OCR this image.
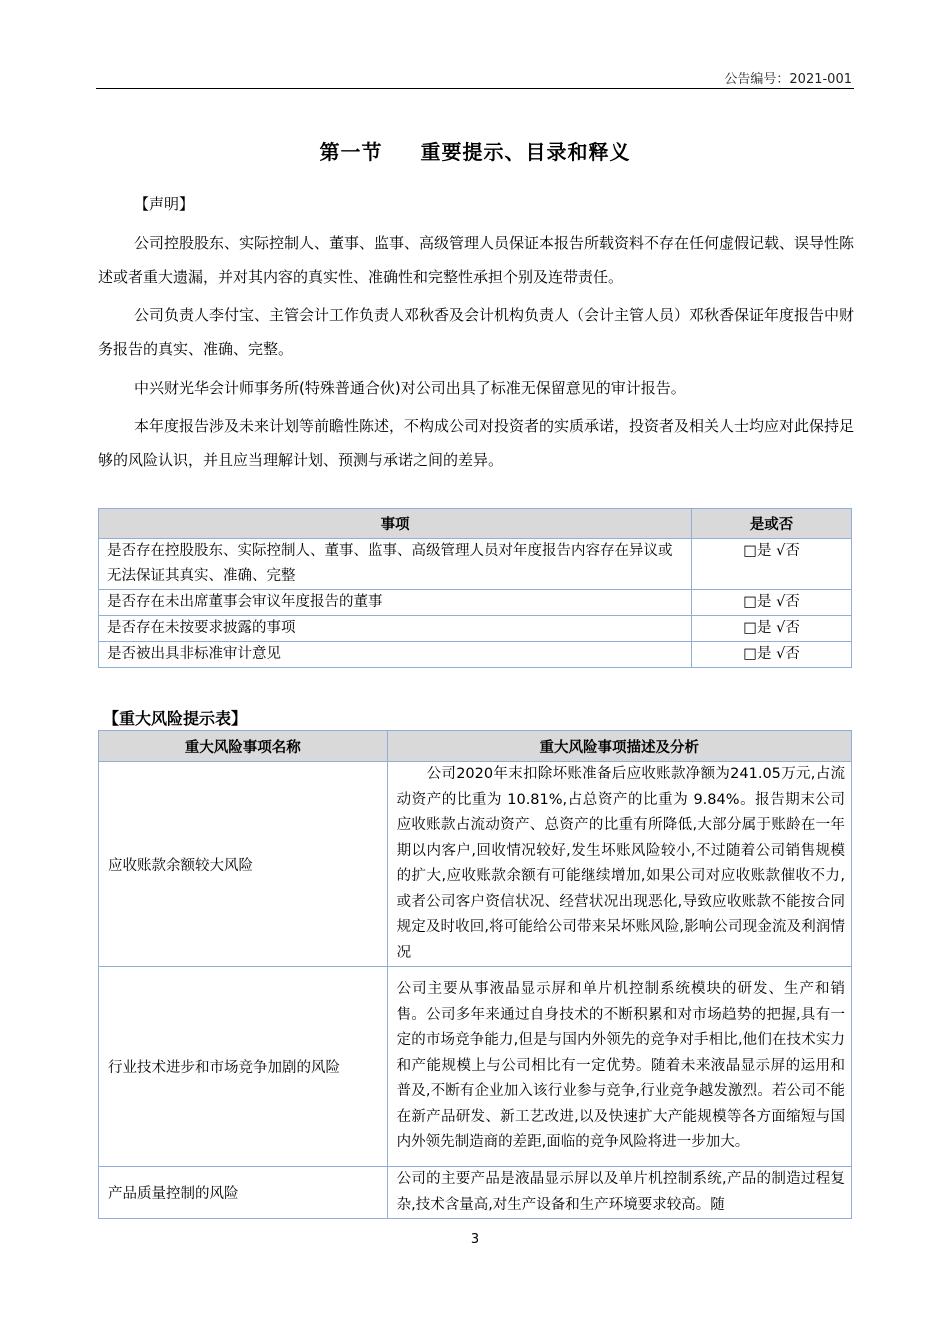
公告编号：2021-001
第一节 重要提示、目录和释义

【声明】

公司控股股东、实际控制人、董事、监事、高级管理人员保证本报告所载资料不存在任何虚假记载、误导性陈述或者重大遗漏，并对其内容的真实性、准确性和完整性承担个别及连带责任。

公司负责人李付宝、主管会计工作负责人邓秋香及会计机构负责人（会计主管人员）邓秋香保证年度报告中财务报告的真实、准确、完整。

中兴财光华会计师事务所(特殊普通合伙)对公司出具了标准无保留意见的审计报告。

本年度报告涉及未来计划等前瞻性陈述，不构成公司对投资者的实质承诺，投资者及相关人士均应对此保持足够的风险认识，并且应当理解计划、预测与承诺之间的差异。

事项	是或否
是否存在控股股东、实际控制人、董事、监事、高级管理人员对年度报告内容存在异议或无法保证其真实、准确、完整	□是 √否
是否存在未出席董事会审议年度报告的董事	□是 √否
是否存在未按要求披露的事项	□是 √否
是否被出具非标准审计意见	□是 √否
【重大风险提示表】
重大风险事项名称	重大风险事项描述及分析
应收账款余额较大风险	公司2020年末扣除坏账准备后应收账款净额为241.05万元,占流动资产的比重为 10.81%,占总资产的比重为 9.84%。报告期末公司应收账款占流动资产、总资产的比重有所降低,大部分属于账龄在一年期以内客户,回收情况较好,发生坏账风险较小,不过随着公司销售规模的扩大,应收账款余额有可能继续增加,如果公司对应收账款催收不力,或者公司客户资信状况、经营状况出现恶化,导致应收账款不能按合同规定及时收回,将可能给公司带来呆坏账风险,影响公司现金流及利润情况

行业技术进步和市场竞争加剧的风险	公司主要从事液晶显示屏和单片机控制系统模块的研发、生产和销售。公司多年来通过自身技术的不断积累和对市场趋势的把握,具有一定的市场竞争能力,但是与国内外领先的竞争对手相比,他们在技术实力和产能规模上与公司相比有一定优势。随着未来液晶显示屏的运用和普及,不断有企业加入该行业参与竞争,行业竞争越发激烈。若公司不能在新产品研发、新工艺改进,以及快速扩大产能规模等各方面缩短与国内外领先制造商的差距,面临的竞争风险将进一步加大。
产品质量控制的风险	公司的主要产品是液晶显示屏以及单片机控制系统,产品的制造过程复杂,技术含量高,对生产设备和生产环境要求较高。随
3
